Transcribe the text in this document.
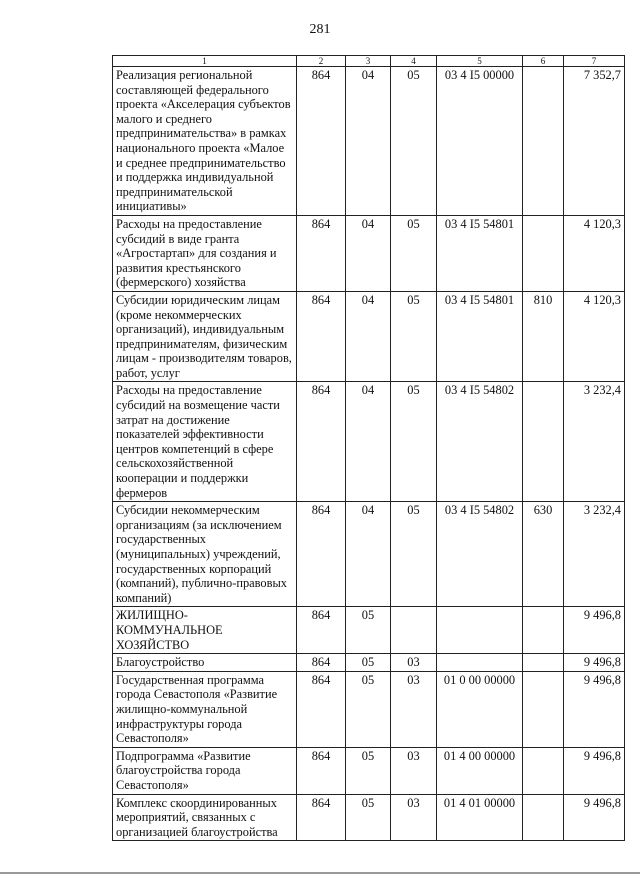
281
1	2	3	4	5	6	7
Реализация региональной составляющей федерального проекта «Акселерация субъектов малого и среднего предпринимательства» в рамках национального проекта «Малое и среднее предпринимательство и поддержка индивидуальной предпринимательской инициативы»	864	04	05	03 4 I5 00000		7 352,7
Расходы на предоставление субсидий в виде гранта «Агростартап» для создания и развития крестьянского (фермерского) хозяйства	864	04	05	03 4 I5 54801		4 120,3
Субсидии юридическим лицам (кроме некоммерческих организаций), индивидуальным предпринимателям, физическим лицам - производителям товаров, работ, услуг	864	04	05	03 4 I5 54801	810	4 120,3
Расходы на предоставление субсидий на возмещение части затрат на достижение показателей эффективности центров компетенций в сфере сельскохозяйственной кооперации и поддержки фермеров	864	04	05	03 4 I5 54802		3 232,4
Субсидии некоммерческим организациям (за исключением государственных (муниципальных) учреждений, государственных корпораций (компаний), публично-правовых компаний)	864	04	05	03 4 I5 54802	630	3 232,4
ЖИЛИЩНО-КОММУНАЛЬНОЕ ХОЗЯЙСТВО	864	05				9 496,8
Благоустройство	864	05	03			9 496,8
Государственная программа города Севастополя «Развитие жилищно-коммунальной инфраструктуры города Севастополя»	864	05	03	01 0 00 00000		9 496,8
Подпрограмма «Развитие благоустройства города Севастополя»	864	05	03	01 4 00 00000		9 496,8
Комплекс скоординированных мероприятий, связанных с организацией благоустройства	864	05	03	01 4 01 00000		9 496,8
